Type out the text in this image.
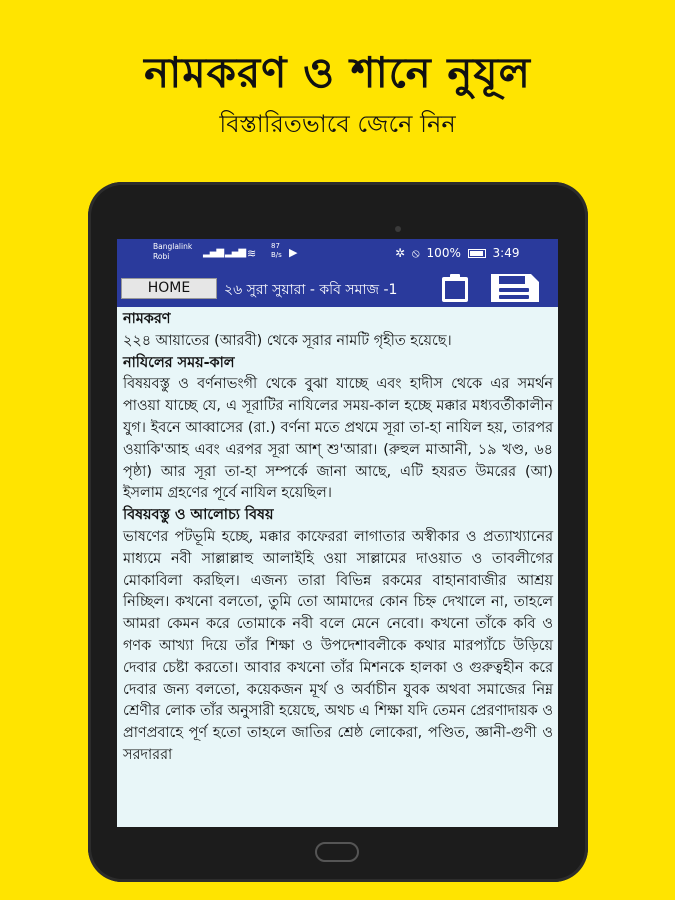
নামকরণ ও শানে নুযূল
বিস্তারিতভাবে জেনে নিন
Banglalink
Robi	▂▄▆ ▂▄▆ ≋
87
B/s ▶	✲ ⦸ 100%	3:49
HOME	২৬ সুরা সুয়ারা - কবি সমাজ -1

নামকরণ

২২৪ আয়াতের (আরবী) থেকে সূরার নামটি গৃহীত হয়েছে।

নাযিলের সময়-কাল

বিষয়বস্তু ও বর্ণনাভংগী থেকে বুঝা যাচ্ছে এবং হাদীস থেকে এর সমর্থন পাওয়া যাচ্ছে যে, এ সূরাটির নাযিলের সময়-কাল হচ্ছে মক্কার মধ্যবর্তীকালীন যুগ। ইবনে আব্বাসের (রা.) বর্ণনা মতে প্রথমে সূরা তা-হা নাযিল হয়, তারপর ওয়াকি'আহ এবং এরপর সূরা আশ্ শু'আরা। (রুহুল মাআনী, ১৯ খণ্ড, ৬৪ পৃষ্ঠা) আর সূরা তা-হা সম্পর্কে জানা আছে, এটি হযরত উমরের (আ) ইসলাম গ্রহণের পূর্বে নাযিল হয়েছিল।

বিষয়বস্তু ও আলোচ্য বিষয়

ভাষণের পটভূমি হচ্ছে, মক্কার কাফেররা লাগাতার অস্বীকার ও প্রত্যাখ্যানের মাধ্যমে নবী সাল্লাল্লাহু আলাইহি ওয়া সাল্লামের দাওয়াত ও তাবলীগের মোকাবিলা করছিল। এজন্য তারা বিভিন্ন রকমের বাহানাবাজীর আশ্রয় নিচ্ছিল। কখনো বলতো, তুমি তো আমাদের কোন চিহ্ন দেখালে না, তাহলে আমরা কেমন করে তোমাকে নবী বলে মেনে নেবো। কখনো তাঁকে কবি ও গণক আখ্যা দিয়ে তাঁর শিক্ষা ও উপদেশাবলীকে কথার মারপ্যাঁচে উড়িয়ে দেবার চেষ্টা করতো। আবার কখনো তাঁর মিশনকে হালকা ও গুরুত্বহীন করে দেবার জন্য বলতো, কয়েকজন মূর্খ ও অর্বাচীন যুবক অথবা সমাজের নিম্ন শ্রেণীর লোক তাঁর অনুসারী হয়েছে, অথচ এ শিক্ষা যদি তেমন প্রেরণাদায়ক ও প্রাণপ্রবাহে পূর্ণ হতো তাহলে জাতির শ্রেষ্ঠ লোকেরা, পণ্ডিত, জ্ঞানী-গুণী ও সরদাররা
